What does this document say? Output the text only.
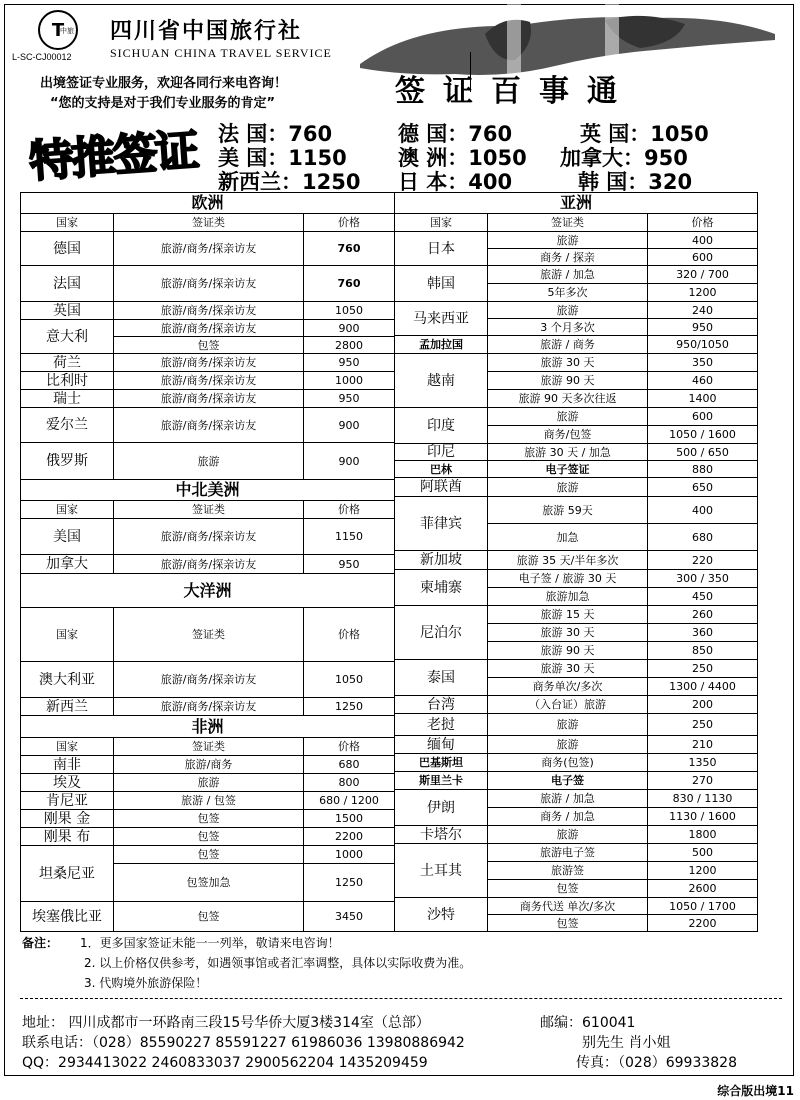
T
中旅
L-SC-CJ00012
四川省中国旅行社
SICHUAN CHINA TRAVEL SERVICE
出境签证专业服务，欢迎各同行来电咨询！
“您的支持是对于我们专业服务的肯定”	签证百事通
特推签证 法 国：760	德 国：760	英 国：1050
美 国：1150 澳 洲：1050 加拿大：950
新西兰：1250 日 本：400	韩 国：320
欧洲		
国家	签证类	价格
德国	旅游/商务/探亲访友	760
法国	旅游/商务/探亲访友	760
英国	旅游/商务/探亲访友	1050
意大利	旅游/商务/探亲访友	900
	包签	2800
荷兰	旅游/商务/探亲访友	950
比利时	旅游/商务/探亲访友	1000
瑞士	旅游/商务/探亲访友	950
爱尔兰	旅游/商务/探亲访友	900
俄罗斯	旅游	900
中北美洲		
国家	签证类	价格
美国	旅游/商务/探亲访友	1150
加拿大	旅游/商务/探亲访友	950
大洋洲		
国家	签证类	价格
澳大利亚	旅游/商务/探亲访友	1050
新西兰	旅游/商务/探亲访友	1250
非洲		
国家	签证类	价格
南非	旅游/商务	680
埃及	旅游	800
肯尼亚	旅游 / 包签	680 / 1200
刚果 金	包签	1500
刚果 布	包签	2200
坦桑尼亚	包签	1000
	包签加急	1250
埃塞俄比亚	包签	3450
亚洲		
国家	签证类	价格
日本	旅游	400
	商务 / 探亲	600
韩国	旅游 / 加急	320 / 700
	5年多次	1200
马来西亚	旅游	240
	3 个月多次	950
孟加拉国	旅游 / 商务	950/1050
越南	旅游 30 天	350
	旅游 90 天	460
	旅游 90 天多次往返	1400
印度	旅游	600
	商务/包签	1050 / 1600
印尼	旅游 30 天 / 加急	500 / 650
巴林	电子签证	880
阿联酋	旅游	650
菲律宾	旅游 59天	400
	加急	680
新加坡	旅游 35 天/半年多次	220
柬埔寨	电子签 / 旅游 30 天	300 / 350
	旅游加急	450
尼泊尔	旅游 15 天	260
	旅游 30 天	360
	旅游 90 天	850
泰国	旅游 30 天	250
	商务单次/多次	1300 / 4400
台湾	（入台证）旅游	200
老挝	旅游	250
缅甸	旅游	210
巴基斯坦	商务(包签)	1350
斯里兰卡	电子签	270
伊朗	旅游 / 加急	830 / 1130
	商务 / 加急	1130 / 1600
卡塔尔	旅游	1800
土耳其	旅游电子签	500
	旅游签	1200
	包签	2600
沙特	商务代送 单次/多次	1050 / 1700
	包签	2200
备注： 1．更多国家签证未能一一列举，敬请来电咨询！
2. 以上价格仅供参考，如遇领事馆或者汇率调整，具体以实际收费为准。
3. 代购境外旅游保险！
地址： 四川成都市一环路南三段15号华侨大厦3楼314室（总部）	邮编：610041
联系电话：（028）85590227 85591227 61986036 13980886942	别先生 肖小姐
QQ：2934413022 2460833037 2900562204 1435209459	传真：（028）69933828
综合版出境11
